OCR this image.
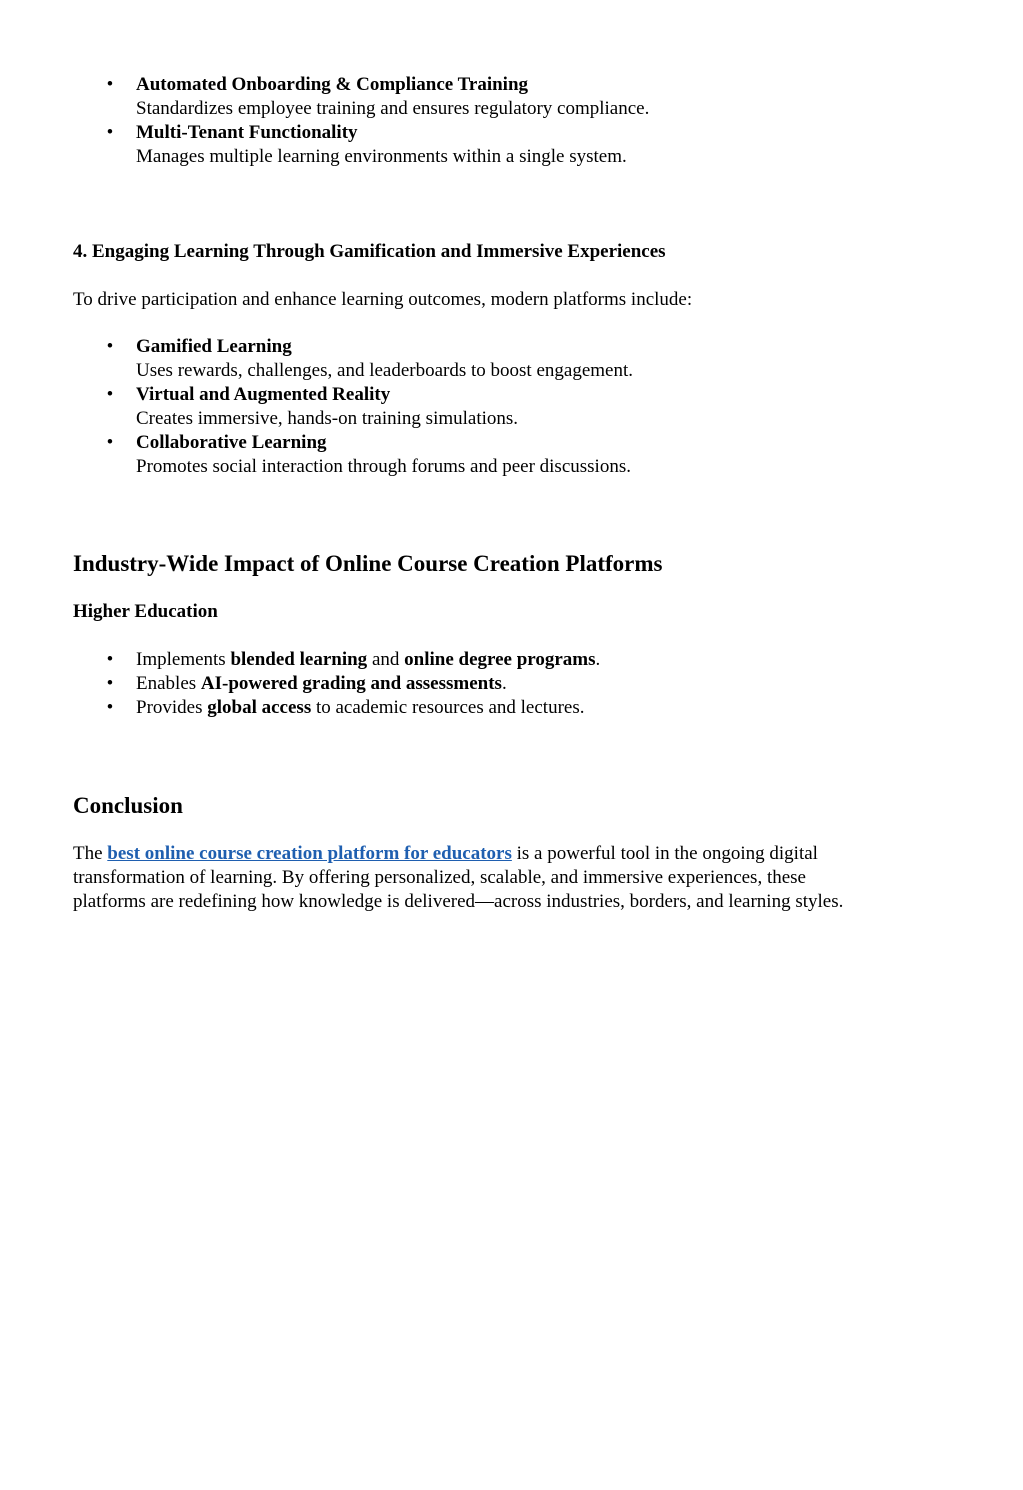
• Automated Onboarding & Compliance Training
Standardizes employee training and ensures regulatory compliance.
• Multi-Tenant Functionality
Manages multiple learning environments within a single system.

4. Engaging Learning Through Gamification and Immersive Experiences

To drive participation and enhance learning outcomes, modern platforms include:

• Gamified Learning
Uses rewards, challenges, and leaderboards to boost engagement.
• Virtual and Augmented Reality
Creates immersive, hands-on training simulations.
• Collaborative Learning
Promotes social interaction through forums and peer discussions.
Industry-Wide Impact of Online Course Creation Platforms

Higher Education

• Implements blended learning and online degree programs.
• Enables AI-powered grading and assessments.
• Provides global access to academic resources and lectures.
Conclusion

The best online course creation platform for educators is a powerful tool in the ongoing digital
transformation of learning. By offering personalized, scalable, and immersive experiences, these
platforms are redefining how knowledge is delivered—across industries, borders, and learning styles.
